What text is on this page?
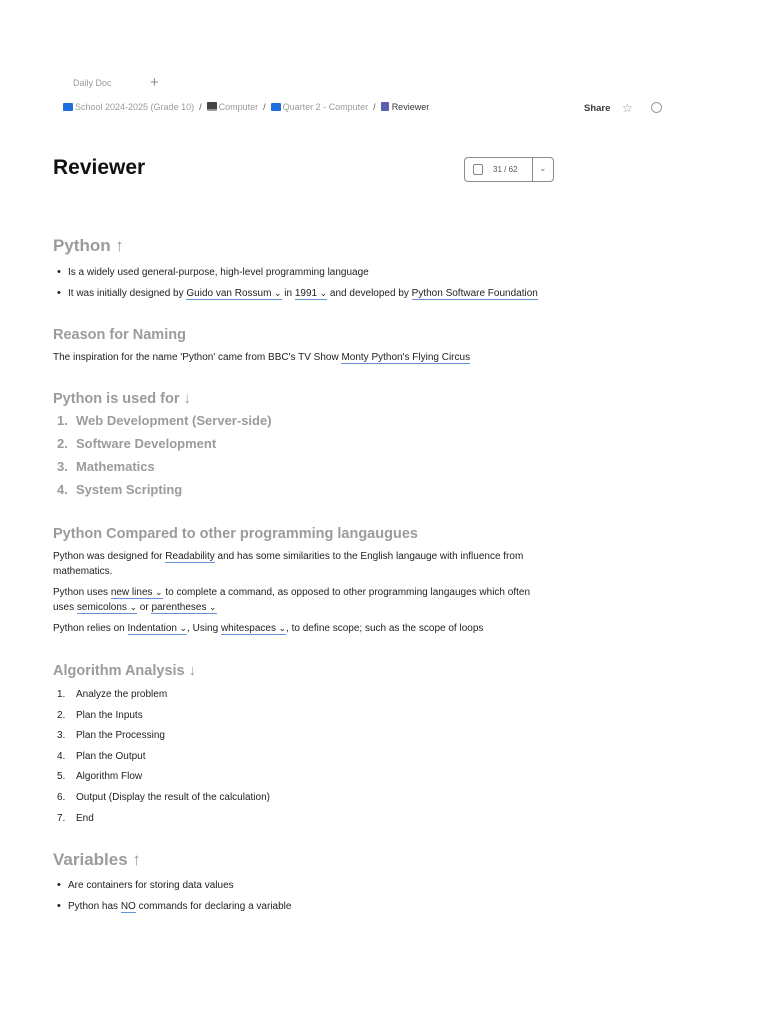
Daily Doc	+
School 2024-2025 (Grade 10) /	Computer /	Quarter 2 - Computer /	Reviewer	Share ☆
Reviewer	31 / 62 ⌄
Python ↑
• Is a widely used general-purpose, high-level programming language
• It was initially designed by Guido van Rossum ⌄ in 1991 ⌄ and developed by Python Software Foundation
Reason for Naming

The inspiration for the name 'Python' came from BBC's TV Show Monty Python's Flying Circus

Python is used for ↓
1. Web Development (Server-side)
2. Software Development
3. Mathematics
4. System Scripting
Python Compared to other programming langaugues

Python was designed for Readability and has some similarities to the English langauge with influence from mathematics.

Python uses new lines ⌄ to complete a command, as opposed to other programming langauges which often uses semicolons ⌄ or parentheses ⌄

Python relies on Indentation ⌄ , Using whitespaces ⌄ , to define scope; such as the scope of loops

Algorithm Analysis ↓
1.	Analyze the problem
2.	Plan the Inputs
3.	Plan the Processing
4.	Plan the Output
5.	Algorithm Flow
6.	Output (Display the result of the calculation)
7.	End
Variables ↑
• Are containers for storing data values
• Python has NO commands for declaring a variable
